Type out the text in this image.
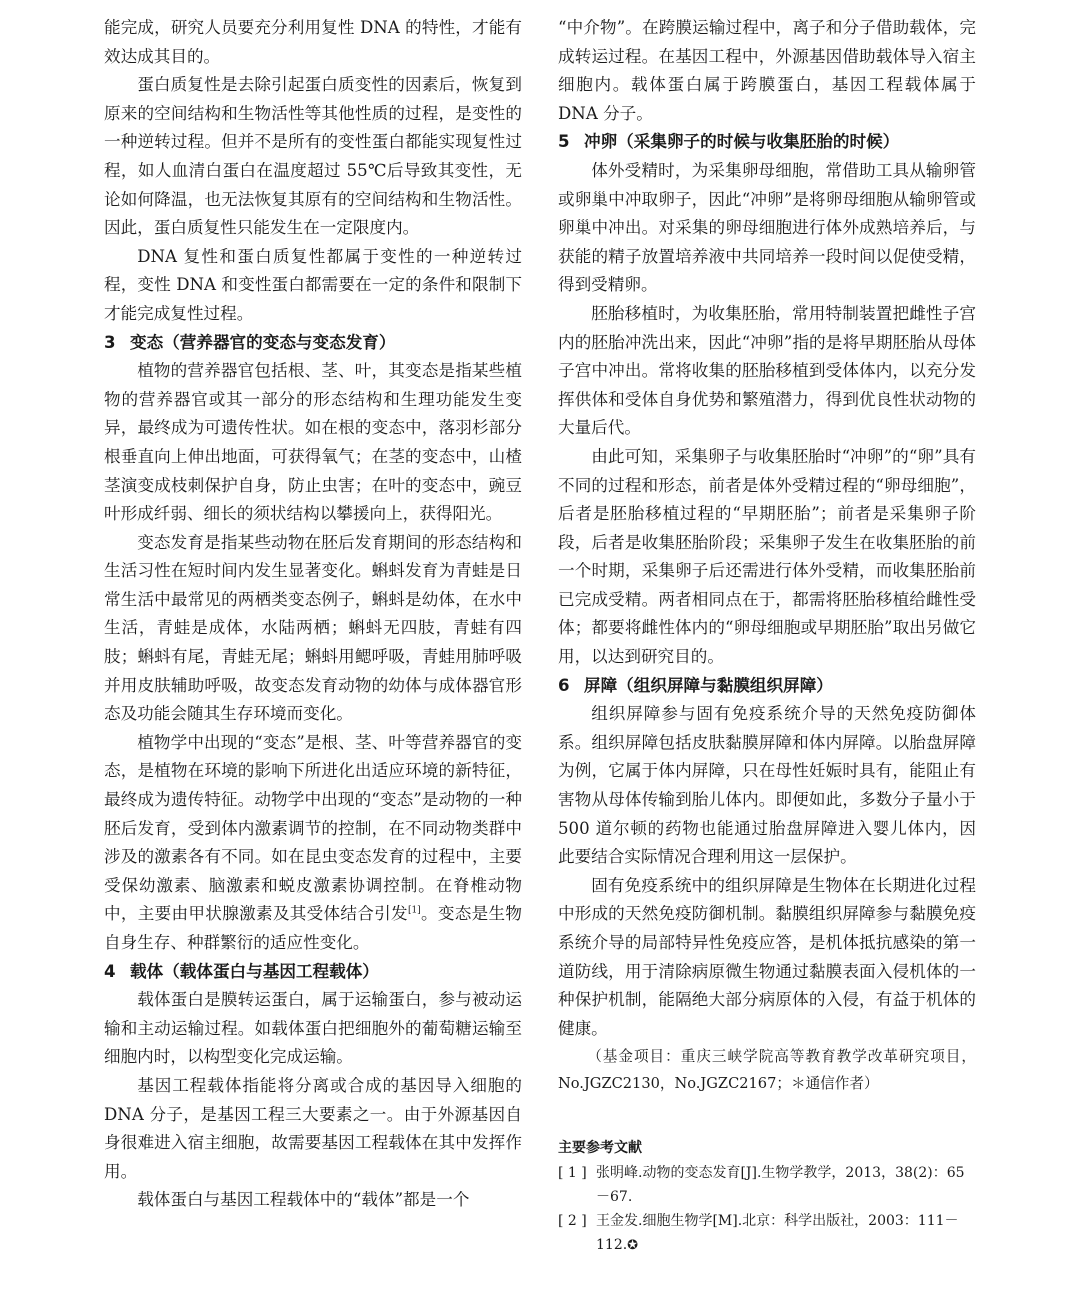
能完成，研究人员要充分利用复性 DNA 的特性，才能有效达成其目的。

蛋白质复性是去除引起蛋白质变性的因素后，恢复到原来的空间结构和生物活性等其他性质的过程，是变性的一种逆转过程。但并不是所有的变性蛋白都能实现复性过程，如人血清白蛋白在温度超过 55℃后导致其变性，无论如何降温，也无法恢复其原有的空间结构和生物活性。因此，蛋白质复性只能发生在一定限度内。

DNA 复性和蛋白质复性都属于变性的一种逆转过程，变性 DNA 和变性蛋白都需要在一定的条件和限制下才能完成复性过程。

3 变态（营养器官的变态与变态发育）

植物的营养器官包括根、茎、叶，其变态是指某些植物的营养器官或其一部分的形态结构和生理功能发生变异，最终成为可遗传性状。如在根的变态中，落羽杉部分根垂直向上伸出地面，可获得氧气；在茎的变态中，山楂茎演变成枝刺保护自身，防止虫害；在叶的变态中，豌豆叶形成纤弱、细长的须状结构以攀援向上，获得阳光。

变态发育是指某些动物在胚后发育期间的形态结构和生活习性在短时间内发生显著变化。蝌蚪发育为青蛙是日常生活中最常见的两栖类变态例子，蝌蚪是幼体，在水中生活，青蛙是成体，水陆两栖；蝌蚪无四肢，青蛙有四肢；蝌蚪有尾，青蛙无尾；蝌蚪用鳃呼吸，青蛙用肺呼吸并用皮肤辅助呼吸，故变态发育动物的幼体与成体器官形态及功能会随其生存环境而变化。

植物学中出现的“变态”是根、茎、叶等营养器官的变态，是植物在环境的影响下所进化出适应环境的新特征，最终成为遗传特征。动物学中出现的“变态”是动物的一种胚后发育，受到体内激素调节的控制，在不同动物类群中涉及的激素各有不同。如在昆虫变态发育的过程中，主要受保幼激素、脑激素和蜕皮激素协调控制。在脊椎动物中，主要由甲状腺激素及其受体结合引发[1]。变态是生物自身生存、种群繁衍的适应性变化。

4 载体（载体蛋白与基因工程载体）

载体蛋白是膜转运蛋白，属于运输蛋白，参与被动运输和主动运输过程。如载体蛋白把细胞外的葡萄糖运输至细胞内时，以构型变化完成运输。

基因工程载体指能将分离或合成的基因导入细胞的 DNA 分子，是基因工程三大要素之一。由于外源基因自身很难进入宿主细胞，故需要基因工程载体在其中发挥作用。

载体蛋白与基因工程载体中的“载体”都是一个

“中介物”。在跨膜运输过程中，离子和分子借助载体，完成转运过程。在基因工程中，外源基因借助载体导入宿主细胞内。载体蛋白属于跨膜蛋白，基因工程载体属于 DNA 分子。

5 冲卵（采集卵子的时候与收集胚胎的时候）

体外受精时，为采集卵母细胞，常借助工具从输卵管或卵巢中冲取卵子，因此“冲卵”是将卵母细胞从输卵管或卵巢中冲出。对采集的卵母细胞进行体外成熟培养后，与获能的精子放置培养液中共同培养一段时间以促使受精，得到受精卵。

胚胎移植时，为收集胚胎，常用特制装置把雌性子宫内的胚胎冲洗出来，因此“冲卵”指的是将早期胚胎从母体子宫中冲出。常将收集的胚胎移植到受体体内，以充分发挥供体和受体自身优势和繁殖潜力，得到优良性状动物的大量后代。

由此可知，采集卵子与收集胚胎时“冲卵”的“卵”具有不同的过程和形态，前者是体外受精过程的“卵母细胞”，后者是胚胎移植过程的“早期胚胎”；前者是采集卵子阶段，后者是收集胚胎阶段；采集卵子发生在收集胚胎的前一个时期，采集卵子后还需进行体外受精，而收集胚胎前已完成受精。两者相同点在于，都需将胚胎移植给雌性受体；都要将雌性体内的“卵母细胞或早期胚胎”取出另做它用，以达到研究目的。

6 屏障（组织屏障与黏膜组织屏障）

组织屏障参与固有免疫系统介导的天然免疫防御体系。组织屏障包括皮肤黏膜屏障和体内屏障。以胎盘屏障为例，它属于体内屏障，只在母性妊娠时具有，能阻止有害物从母体传输到胎儿体内。即便如此，多数分子量小于 500 道尔顿的药物也能通过胎盘屏障进入婴儿体内，因此要结合实际情况合理利用这一层保护。

固有免疫系统中的组织屏障是生物体在长期进化过程中形成的天然免疫防御机制。黏膜组织屏障参与黏膜免疫系统介导的局部特异性免疫应答，是机体抵抗感染的第一道防线，用于清除病原微生物通过黏膜表面入侵机体的一种保护机制，能隔绝大部分病原体的入侵，有益于机体的健康。

（基金项目：重庆三峡学院高等教育教学改革研究项目，No.JGZC2130，No.JGZC2167；＊通信作者）

主要参考文献

[ 1 ] 张明峰.动物的变态发育[J].生物学教学，2013，38(2)：65－67.

[ 2 ] 王金发.细胞生物学[M].北京：科学出版社，2003：111－112.✪
